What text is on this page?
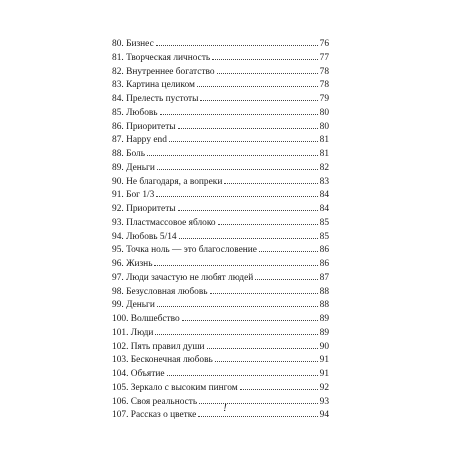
80. Бизнес	76
81. Творческая личность	77
82. Внутреннее богатство	78
83. Картина целиком	78
84. Прелесть пустоты	79
85. Любовь	80
86. Приоритеты	80
87. Happy end	81
88. Боль	81
89. Деньги	82
90. Не благодаря, а вопреки	83
91. Бог 1/3	84
92. Приоритеты	84
93. Пластмассовое яблоко	85
94. Любовь 5/14	85
95. Точка ноль — это благословение	86
96. Жизнь	86
97. Люди зачастую не любят людей	87
98. Безусловная любовь	88
99. Деньги	88
100. Волшебство	89
101. Люди	89
102. Пять правил души	90
103. Бесконечная любовь	91
104. Объятие	91
105. Зеркало с высоким пингом	92
106. Своя реальность	93
107. Рассказ о цветке	94
!
